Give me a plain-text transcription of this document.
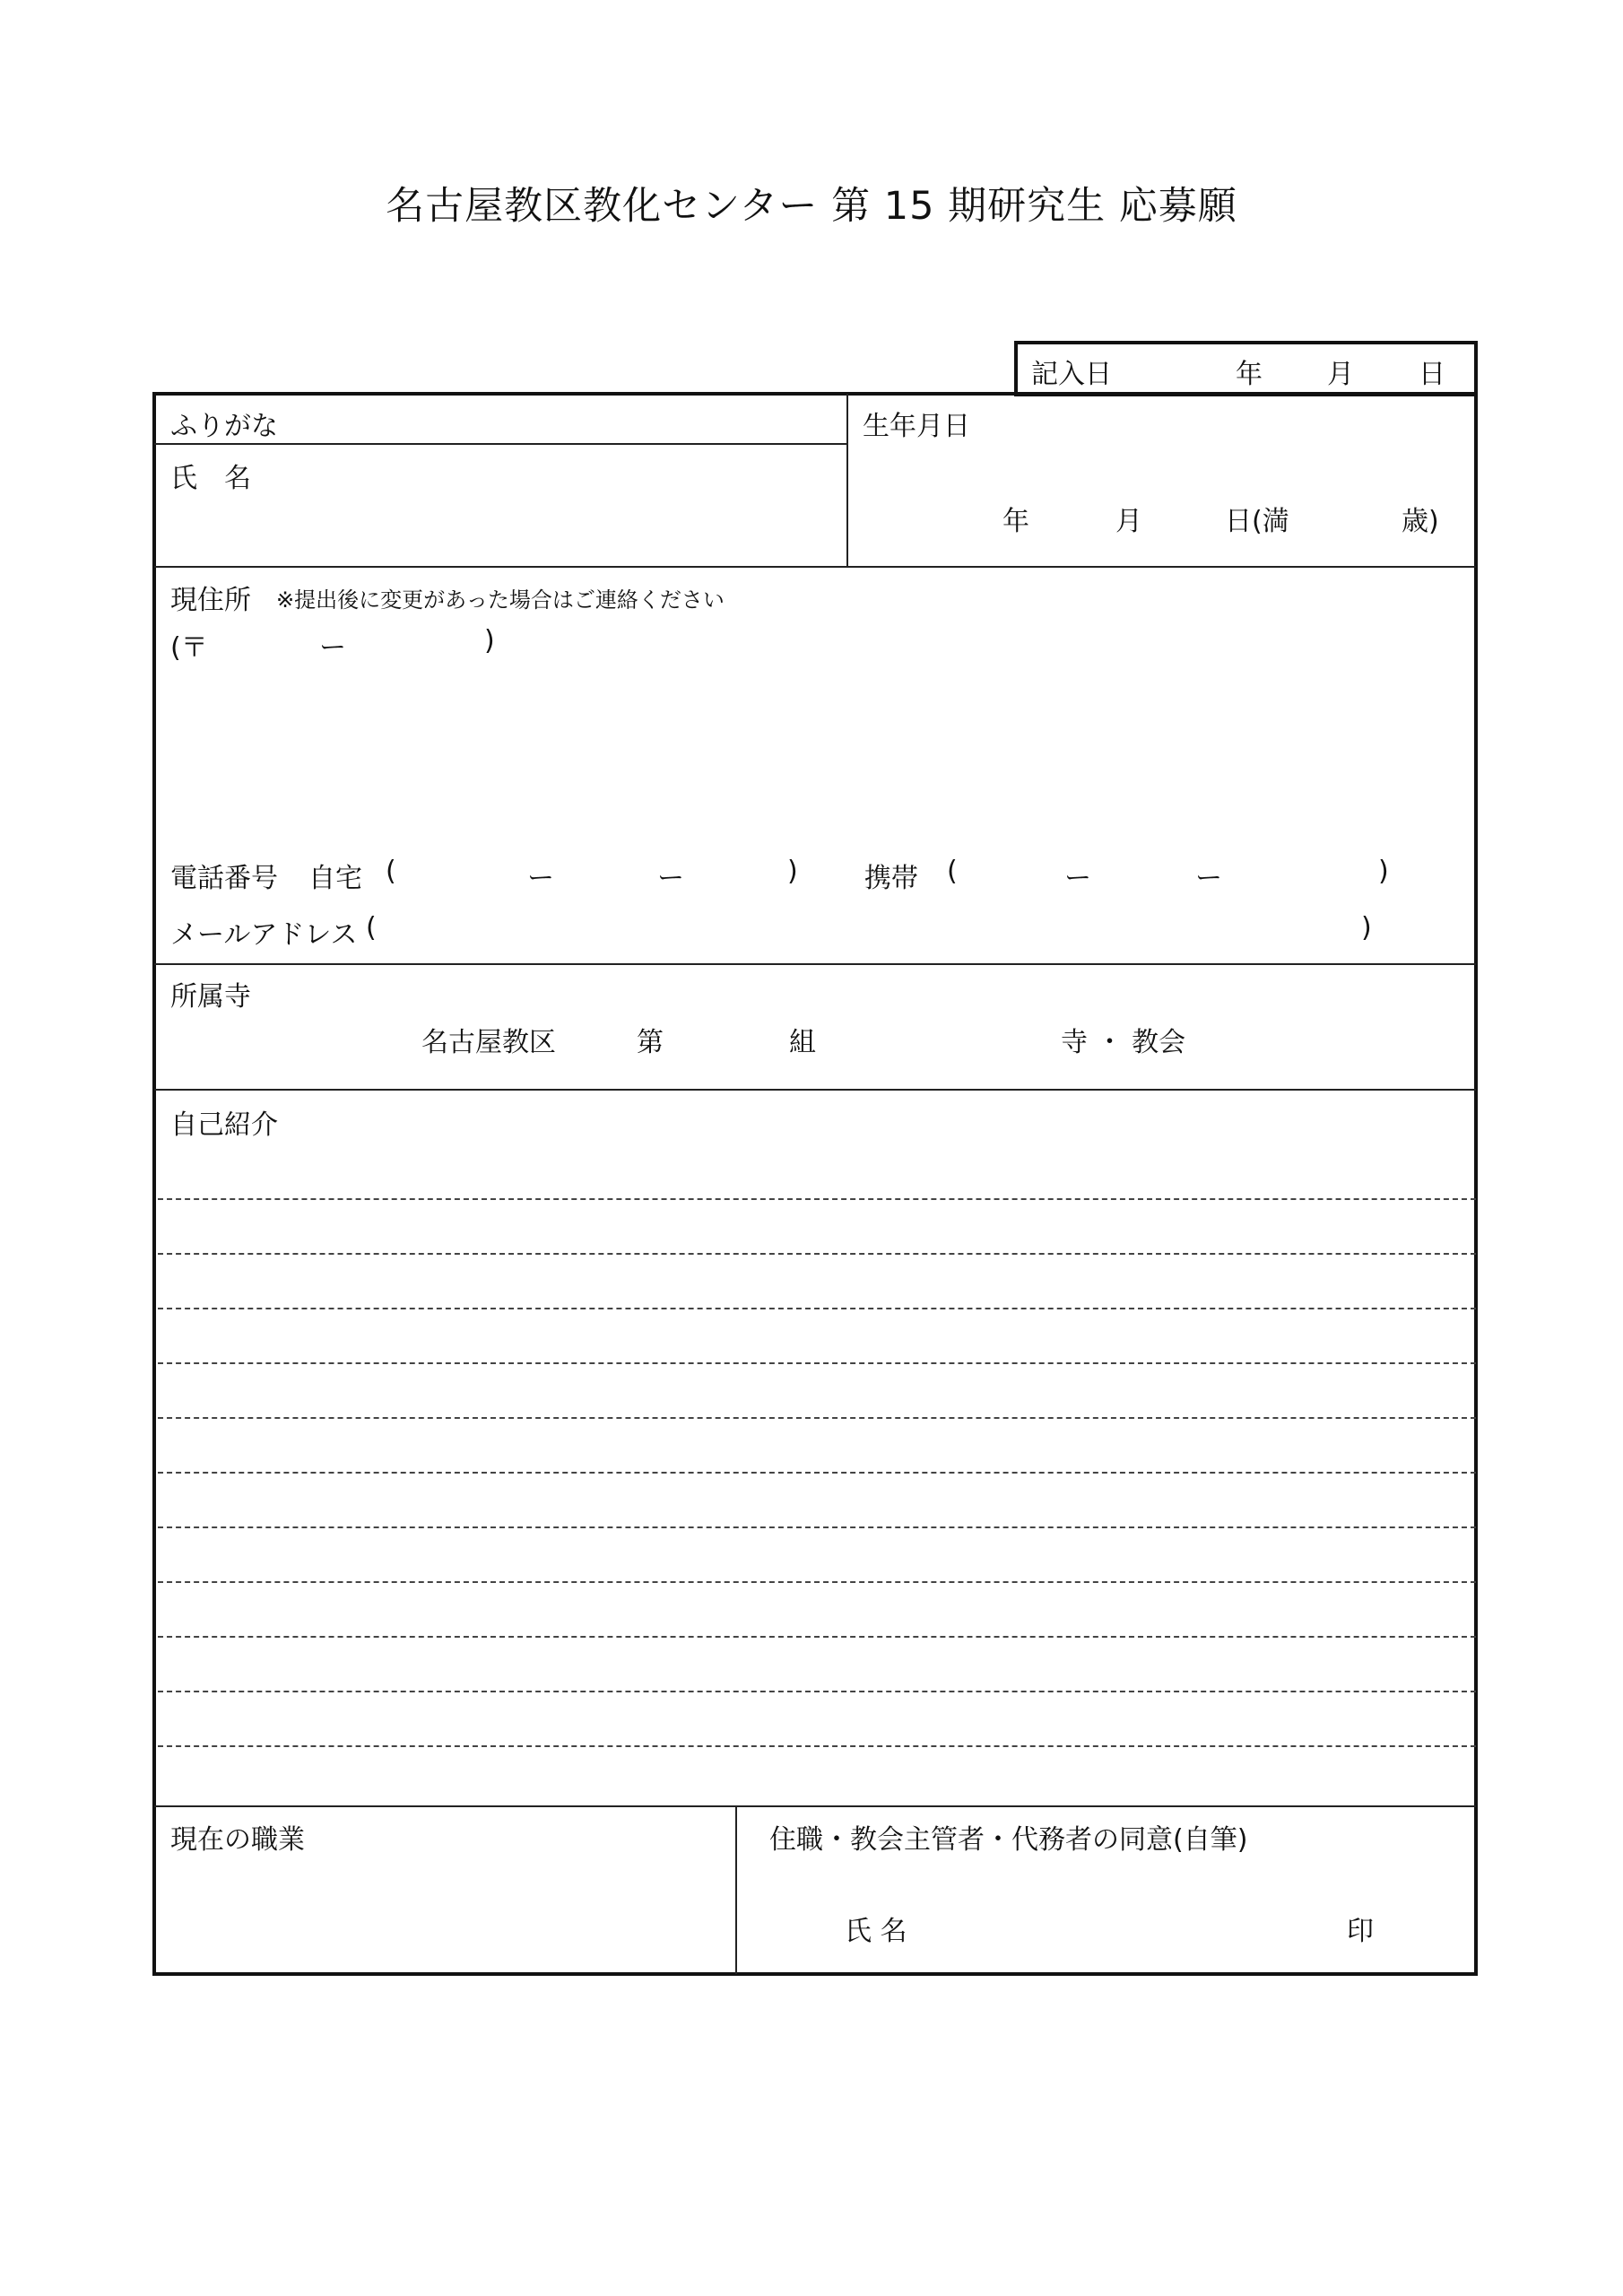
名古屋教区教化センター 第 15 期研究生 応募願
記入日	年 月 日
ふりがな
氏　名
生年月日
年	月	日(満	歳)
現住所 ※提出後に変更があった場合はご連絡ください
(〒	ー	)
電話番号 自宅 (	ー	ー	) 携帯 (	ー	ー	)
メールアドレス (	)
所属寺
名古屋教区	第	組	寺 ・ 教会
自己紹介
現在の職業	住職・教会主管者・代務者の同意(自筆)
氏 名	印
